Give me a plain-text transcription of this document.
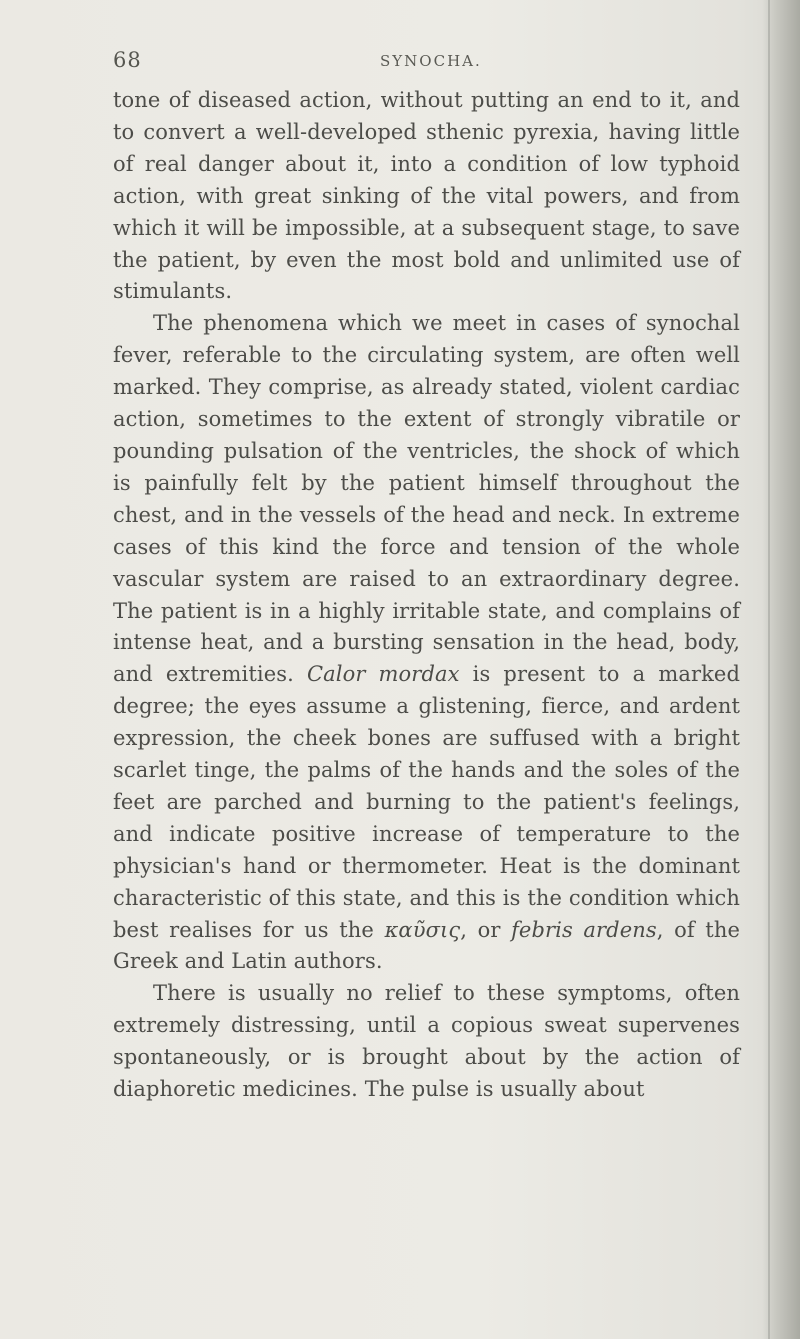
68	SYNOCHA.

tone of diseased action, without putting an end to it, and to convert a well-developed sthenic pyrexia, having little of real danger about it, into a condition of low typhoid action, with great sinking of the vital powers, and from which it will be impossible, at a subsequent stage, to save the patient, by even the most bold and unlimited use of stimulants.

The phenomena which we meet in cases of synochal fever, referable to the circulating system, are often well marked. They comprise, as already stated, violent cardiac action, sometimes to the extent of strongly vibratile or pounding pulsation of the ventricles, the shock of which is painfully felt by the patient himself throughout the chest, and in the vessels of the head and neck. In extreme cases of this kind the force and tension of the whole vascular system are raised to an extraordinary degree. The patient is in a highly irritable state, and complains of intense heat, and a bursting sensation in the head, body, and extremities. Calor mordax is present to a marked degree; the eyes assume a glistening, fierce, and ardent expression, the cheek bones are suffused with a bright scarlet tinge, the palms of the hands and the soles of the feet are parched and burning to the patient's feelings, and indicate positive increase of temperature to the physician's hand or thermometer. Heat is the dominant characteristic of this state, and this is the condition which best realises for us the καῦσις, or febris ardens, of the Greek and Latin authors.

There is usually no relief to these symptoms, often extremely distressing, until a copious sweat supervenes spontaneously, or is brought about by the action of diaphoretic medicines. The pulse is usually about
